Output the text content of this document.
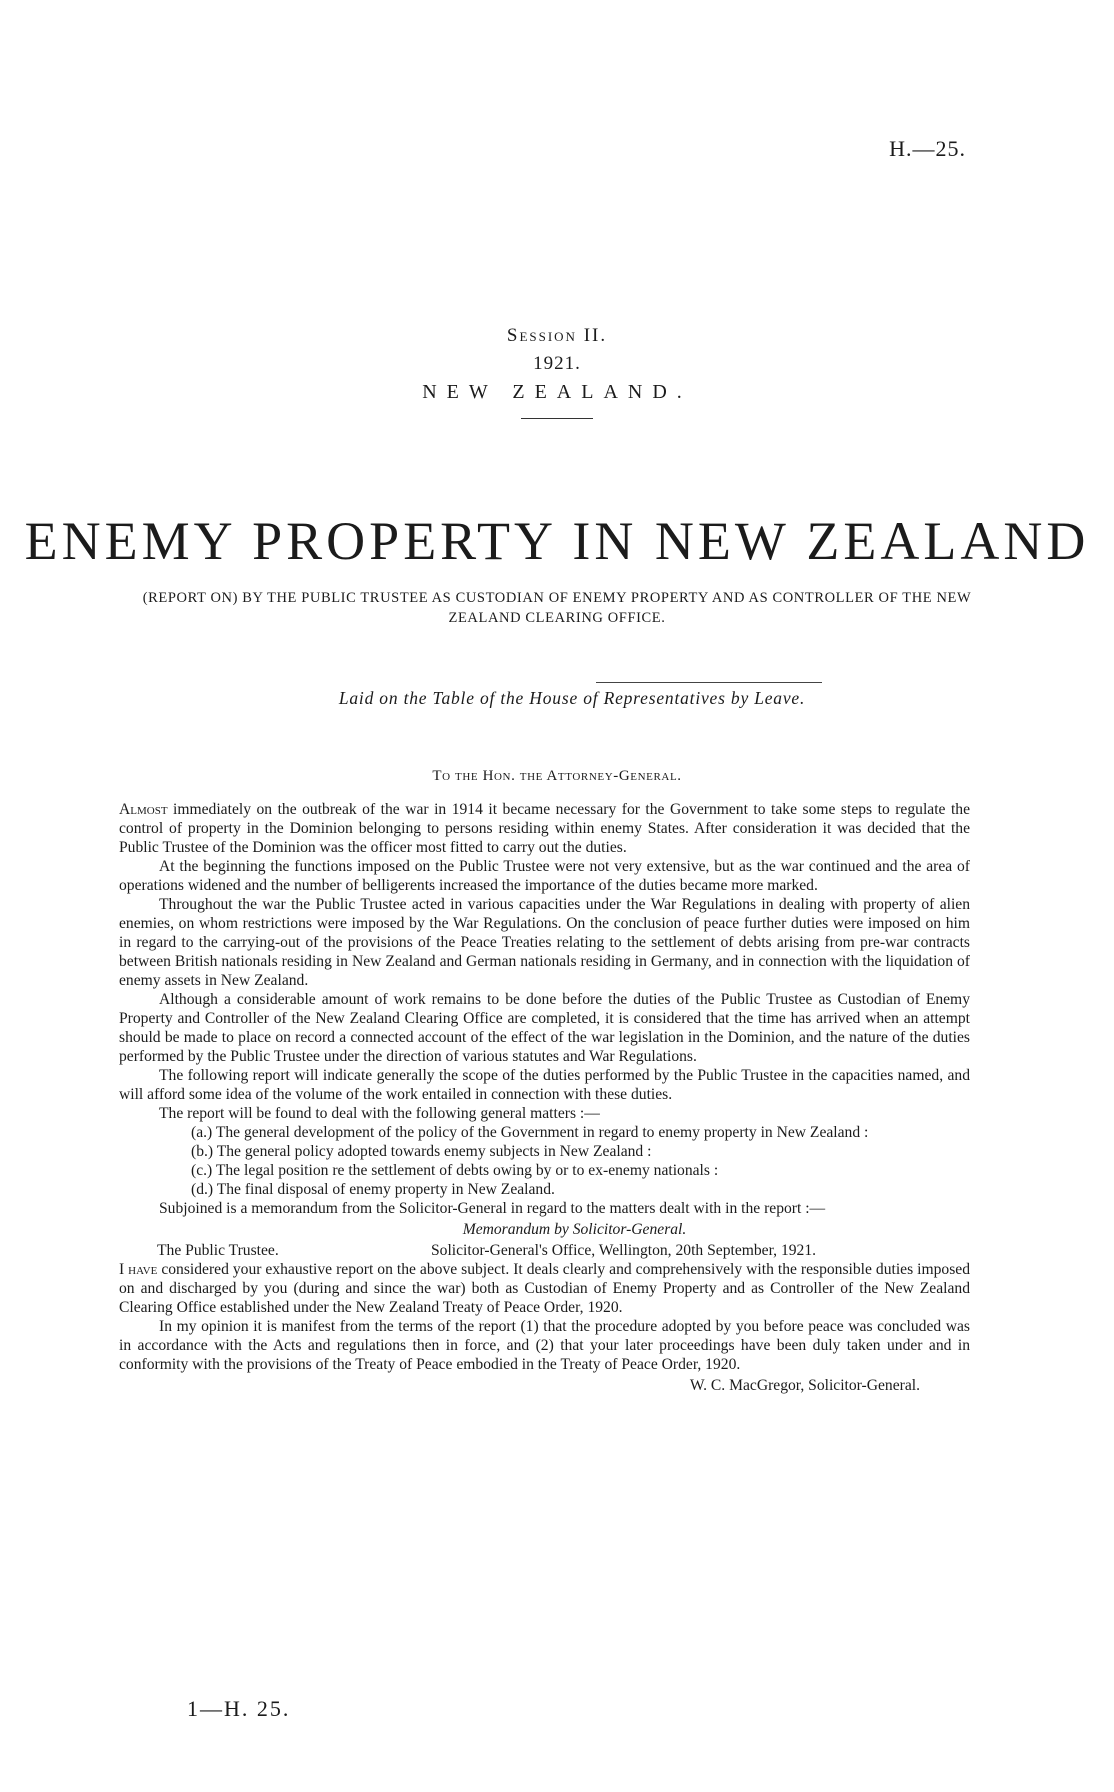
H.—25.
Session II.
1921.
NEW ZEALAND.
ENEMY PROPERTY IN NEW ZEALAND

(REPORT ON) BY THE PUBLIC TRUSTEE AS CUSTODIAN OF ENEMY PROPERTY AND AS CONTROLLER OF THE NEW ZEALAND CLEARING OFFICE.

Laid on the Table of the House of Representatives by Leave.
To the Hon. the Attorney-General.

Almost immediately on the outbreak of the war in 1914 it became necessary for the Government to take some steps to regulate the control of property in the Dominion belonging to persons residing within enemy States. After consideration it was decided that the Public Trustee of the Dominion was the officer most fitted to carry out the duties.

At the beginning the functions imposed on the Public Trustee were not very extensive, but as the war continued and the area of operations widened and the number of belligerents increased the importance of the duties became more marked.

Throughout the war the Public Trustee acted in various capacities under the War Regulations in dealing with property of alien enemies, on whom restrictions were imposed by the War Regulations. On the conclusion of peace further duties were imposed on him in regard to the carrying-out of the provisions of the Peace Treaties relating to the settlement of debts arising from pre-war contracts between British nationals residing in New Zealand and German nationals residing in Germany, and in connection with the liquidation of enemy assets in New Zealand.

Although a considerable amount of work remains to be done before the duties of the Public Trustee as Custodian of Enemy Property and Controller of the New Zealand Clearing Office are completed, it is considered that the time has arrived when an attempt should be made to place on record a connected account of the effect of the war legislation in the Dominion, and the nature of the duties performed by the Public Trustee under the direction of various statutes and War Regulations.

The following report will indicate generally the scope of the duties performed by the Public Trustee in the capacities named, and will afford some idea of the volume of the work entailed in connection with these duties.

The report will be found to deal with the following general matters :—

(a.) The general development of the policy of the Government in regard to enemy property in New Zealand :
(b.) The general policy adopted towards enemy subjects in New Zealand :
(c.) The legal position re the settlement of debts owing by or to ex-enemy nationals :
(d.) The final disposal of enemy property in New Zealand.

Subjoined is a memorandum from the Solicitor-General in regard to the matters dealt with in the report :—

Memorandum by Solicitor-General.
The Public Trustee.	Solicitor-General's Office, Wellington, 20th September, 1921.

I have considered your exhaustive report on the above subject. It deals clearly and comprehensively with the responsible duties imposed on and discharged by you (during and since the war) both as Custodian of Enemy Property and as Controller of the New Zealand Clearing Office established under the New Zealand Treaty of Peace Order, 1920.

In my opinion it is manifest from the terms of the report (1) that the procedure adopted by you before peace was concluded was in accordance with the Acts and regulations then in force, and (2) that your later proceedings have been duly taken under and in conformity with the provisions of the Treaty of Peace embodied in the Treaty of Peace Order, 1920.

W. C. MacGregor, Solicitor-General.
1—H. 25.
